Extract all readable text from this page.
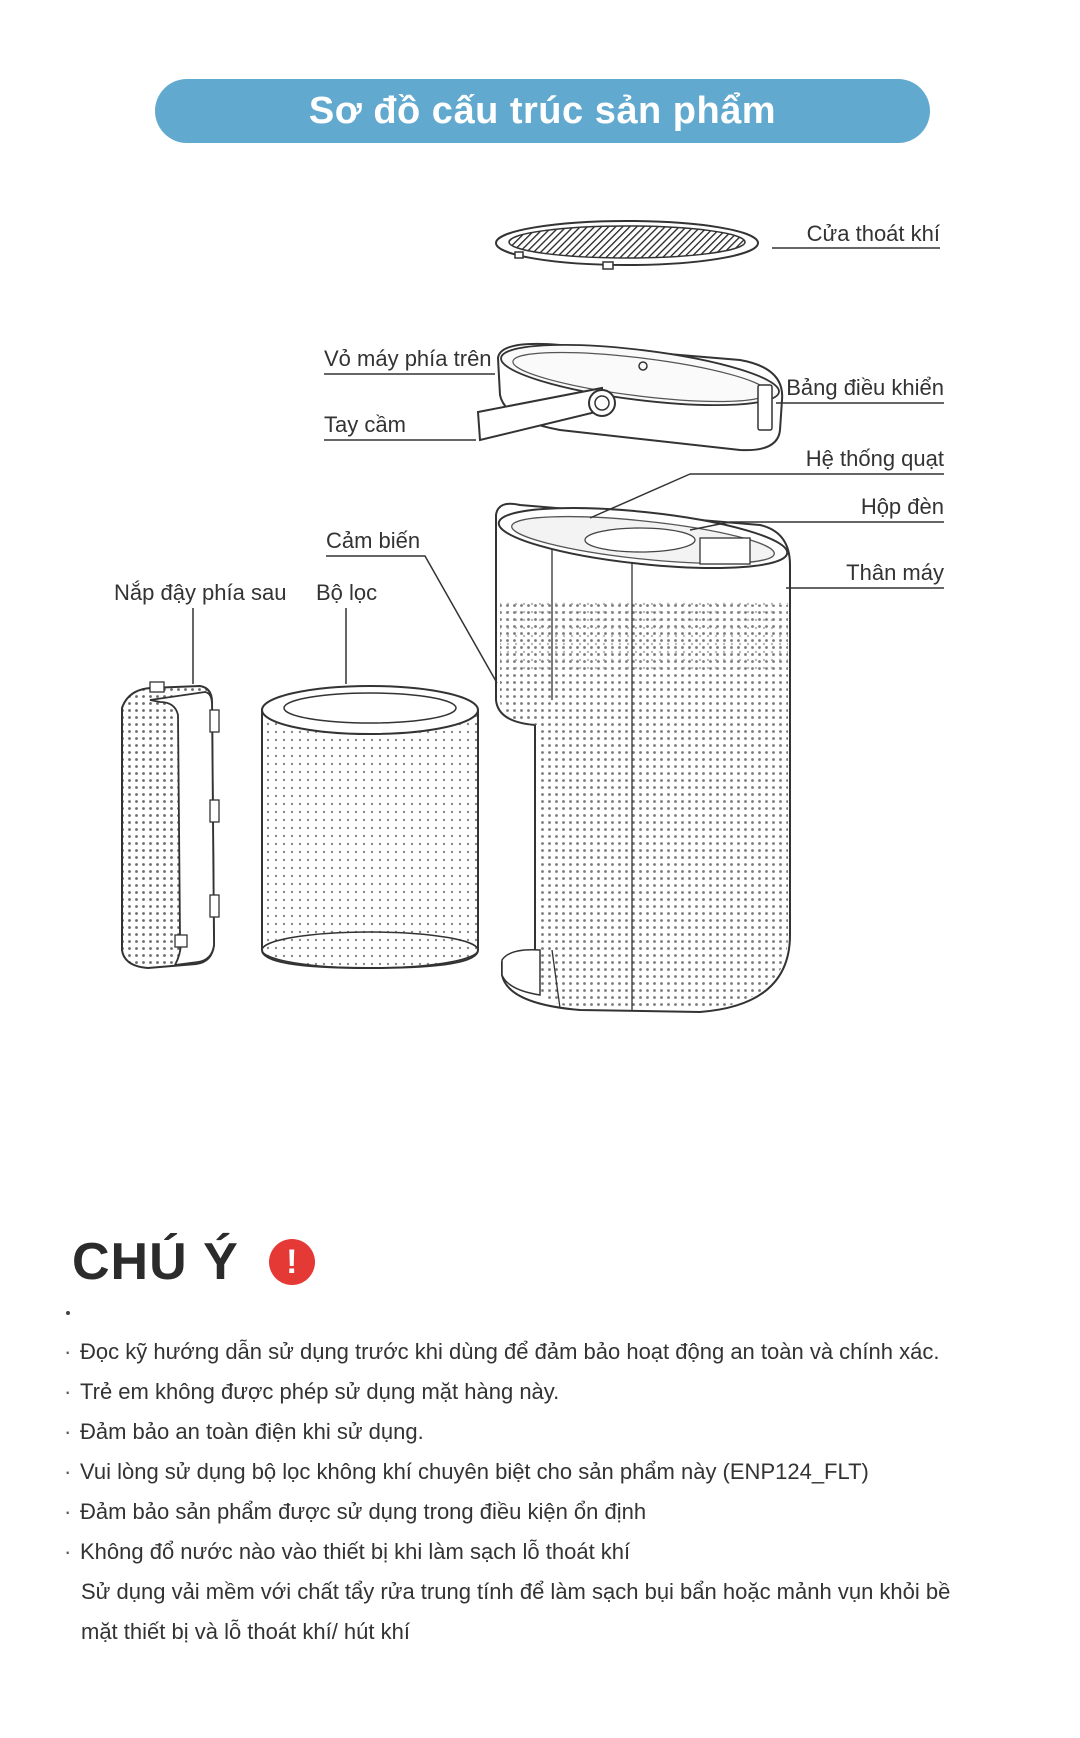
Sơ đồ cấu trúc sản phẩm
Cửa thoát khí
Vỏ máy phía trên
Tay cầm
Bảng điều khiển
Hệ thống quạt
Hộp đèn
Thân máy
Cảm biến
Nắp đậy phía sau Bộ lọc
CHÚ Ý	!
· Đọc kỹ hướng dẫn sử dụng trước khi dùng để đảm bảo hoạt động an toàn và chính xác.
· Trẻ em không được phép sử dụng mặt hàng này.
· Đảm bảo an toàn điện khi sử dụng.
· Vui lòng sử dụng bộ lọc không khí chuyên biệt cho sản phẩm này (ENP124_FLT)
· Đảm bảo sản phẩm được sử dụng trong điều kiện ổn định
· Không đổ nước nào vào thiết bị khi làm sạch lỗ thoát khí
Sử dụng vải mềm với chất tẩy rửa trung tính để làm sạch bụi bẩn hoặc mảnh vụn khỏi bề
mặt thiết bị và lỗ thoát khí/ hút khí
